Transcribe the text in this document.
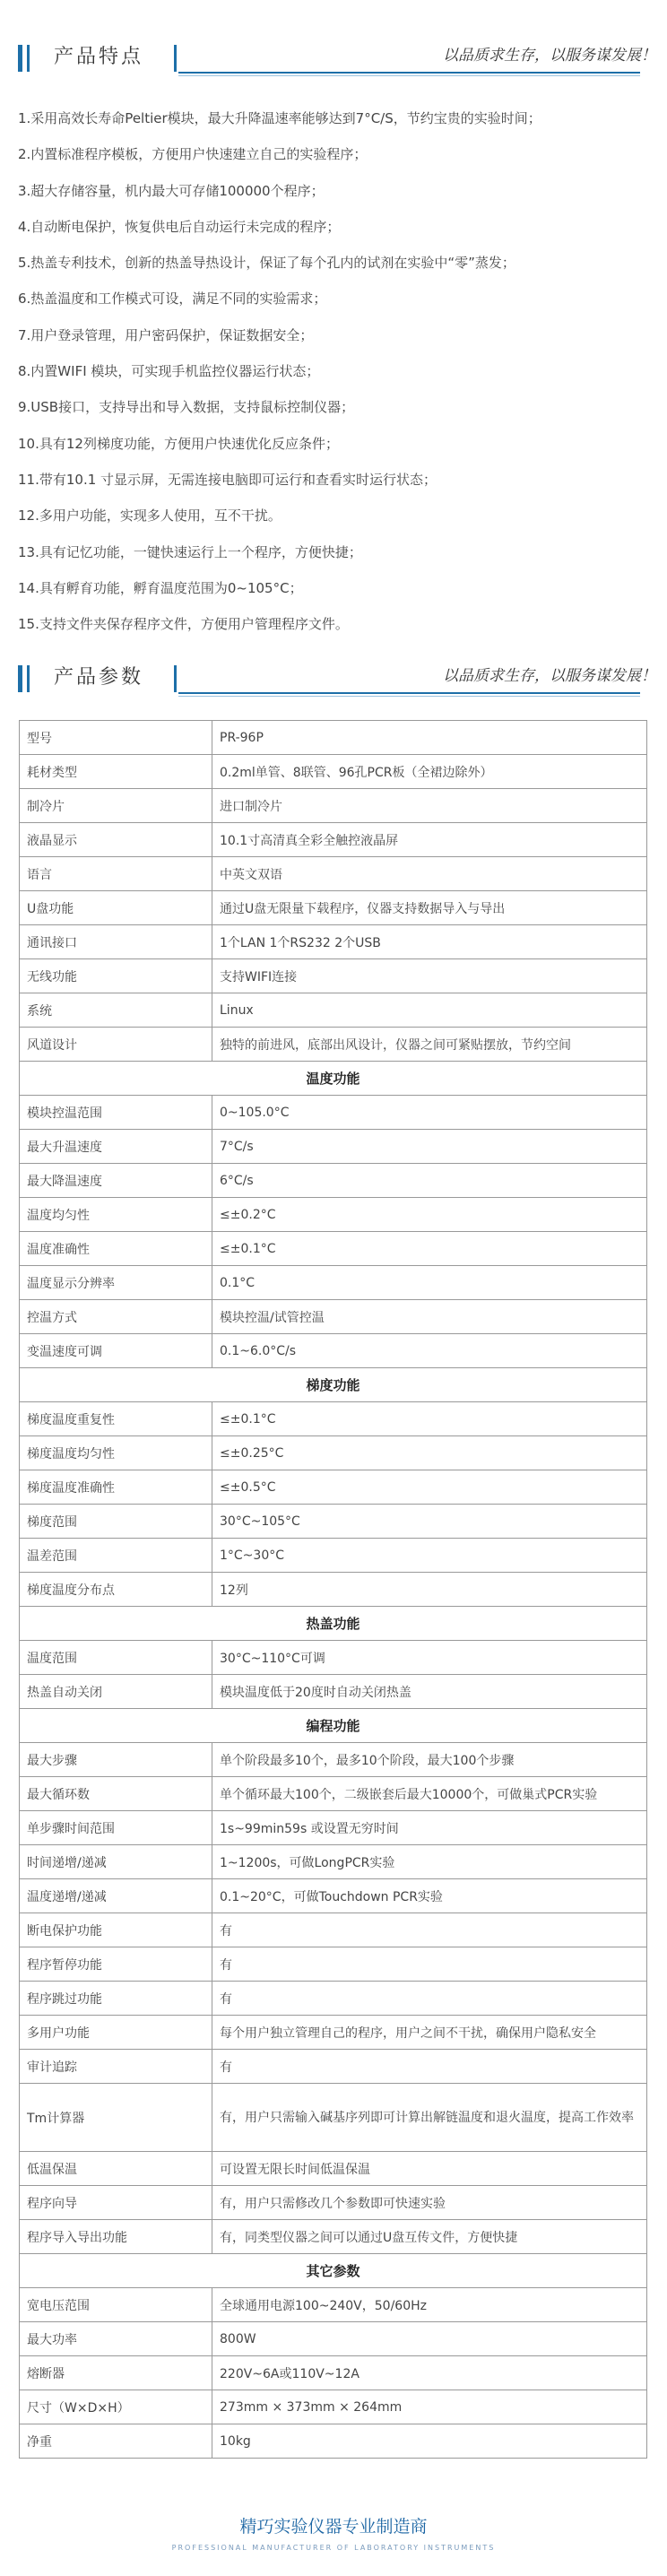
产品特点	以品质求生存，以服务谋发展！
1.采用高效长寿命Peltier模块，最大升降温速率能够达到7°C/S，节约宝贵的实验时间；
2.内置标准程序模板，方便用户快速建立自己的实验程序；
3.超大存储容量，机内最大可存储100000个程序；
4.自动断电保护，恢复供电后自动运行未完成的程序；
5.热盖专利技术，创新的热盖导热设计，保证了每个孔内的试剂在实验中“零”蒸发；
6.热盖温度和工作模式可设，满足不同的实验需求；
7.用户登录管理，用户密码保护，保证数据安全；
8.内置WIFI 模块，可实现手机监控仪器运行状态；
9.USB接口，支持导出和导入数据，支持鼠标控制仪器；
10.具有12列梯度功能，方便用户快速优化反应条件；
11.带有10.1 寸显示屏，无需连接电脑即可运行和查看实时运行状态；
12.多用户功能，实现多人使用，互不干扰。
13.具有记忆功能，一键快速运行上一个程序，方便快捷；
14.具有孵育功能，孵育温度范围为0~105°C；
15.支持文件夹保存程序文件，方便用户管理程序文件。
产品参数	以品质求生存，以服务谋发展！
型号	PR-96P
耗材类型	0.2ml单管、8联管、96孔PCR板（全裙边除外）
制冷片	进口制冷片
液晶显示	10.1寸高清真全彩全触控液晶屏
语言	中英文双语
U盘功能	通过U盘无限量下载程序，仪器支持数据导入与导出
通讯接口	1个LAN 1个RS232 2个USB
无线功能	支持WIFI连接
系统	Linux
风道设计	独特的前进风，底部出风设计，仪器之间可紧贴摆放，节约空间
温度功能	
模块控温范围	0~105.0°C
最大升温速度	7°C/s
最大降温速度	6°C/s
温度均匀性	≤±0.2°C
温度准确性	≤±0.1°C
温度显示分辨率	0.1°C
控温方式	模块控温/试管控温
变温速度可调	0.1~6.0°C/s
梯度功能	
梯度温度重复性	≤±0.1°C
梯度温度均匀性	≤±0.25°C
梯度温度准确性	≤±0.5°C
梯度范围	30°C~105°C
温差范围	1°C~30°C
梯度温度分布点	12列
热盖功能	
温度范围	30°C~110°C可调
热盖自动关闭	模块温度低于20度时自动关闭热盖
编程功能	
最大步骤	单个阶段最多10个，最多10个阶段，最大100个步骤
最大循环数	单个循环最大100个，二级嵌套后最大10000个，可做巢式PCR实验
单步骤时间范围	1s~99min59s 或设置无穷时间
时间递增/递减	1~1200s，可做LongPCR实验
温度递增/递减	0.1~20°C，可做Touchdown PCR实验
断电保护功能	有
程序暂停功能	有
程序跳过功能	有
多用户功能	每个用户独立管理自己的程序，用户之间不干扰，确保用户隐私安全
审计追踪	有
Tm计算器	有，用户只需输入碱基序列即可计算出解链温度和退火温度，提高工作效率
低温保温	可设置无限长时间低温保温
程序向导	有，用户只需修改几个参数即可快速实验
程序导入导出功能	有，同类型仪器之间可以通过U盘互传文件，方便快捷
其它参数	
宽电压范围	全球通用电源100~240V，50/60Hz
最大功率	800W
熔断器	220V~6A或110V~12A
尺寸（W×D×H）	273mm × 373mm × 264mm
净重	10kg
精巧实验仪器专业制造商
PROFESSIONAL MANUFACTURER OF LABORATORY INSTRUMENTS
